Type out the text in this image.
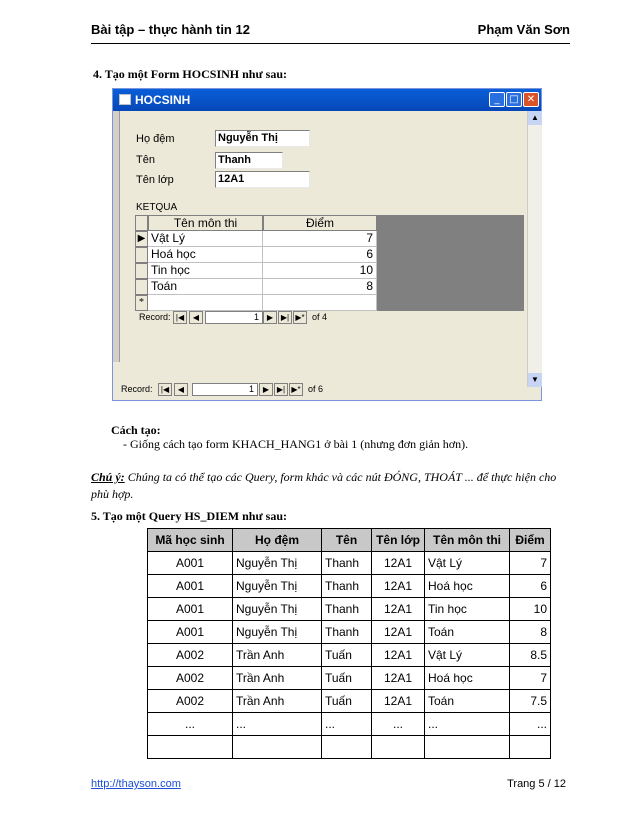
Bài tập – thực hành tin 12	Phạm Văn Sơn
4. Tạo một Form HOCSINH như sau:
HOCSINH	_ □ ✕
Họ đệm	Nguyễn Thị
Tên	Thanh
Tên lớp	12A1
KETQUA
Tên môn thi	Điểm
▶ Vật Lý	7
Hoá học	6
Tin học	10
Toán	8
*
Record: |◀	◀	1 ▶ ▶| ▶* of 4
▲
▼
Record:	|◀	◀	1	▶ ▶| ▶* of 6
Cách tạo:
- Giống cách tạo form KHACH_HANG1 ở bài 1 (nhưng đơn giản hơn).
Chú ý: Chúng ta có thể tạo các Query, form khác và các nút ĐÓNG, THOÁT ... để thực hiện cho
phù hợp.
5. Tạo một Query HS_DIEM như sau:
Mã học sinh	Họ đệm	Tên	Tên lớp	Tên môn thi	Điểm
A001	Nguyễn Thị	Thanh	12A1	Vật Lý	7
A001	Nguyễn Thị	Thanh	12A1	Hoá học	6
A001	Nguyễn Thị	Thanh	12A1	Tin học	10
A001	Nguyễn Thị	Thanh	12A1	Toán	8
A002	Trần Anh	Tuấn	12A1	Vật Lý	8.5
A002	Trần Anh	Tuấn	12A1	Hoá học	7
A002	Trần Anh	Tuấn	12A1	Toán	7.5
...	...	...	...	...	...

http://thayson.com	Trang 5 / 12
